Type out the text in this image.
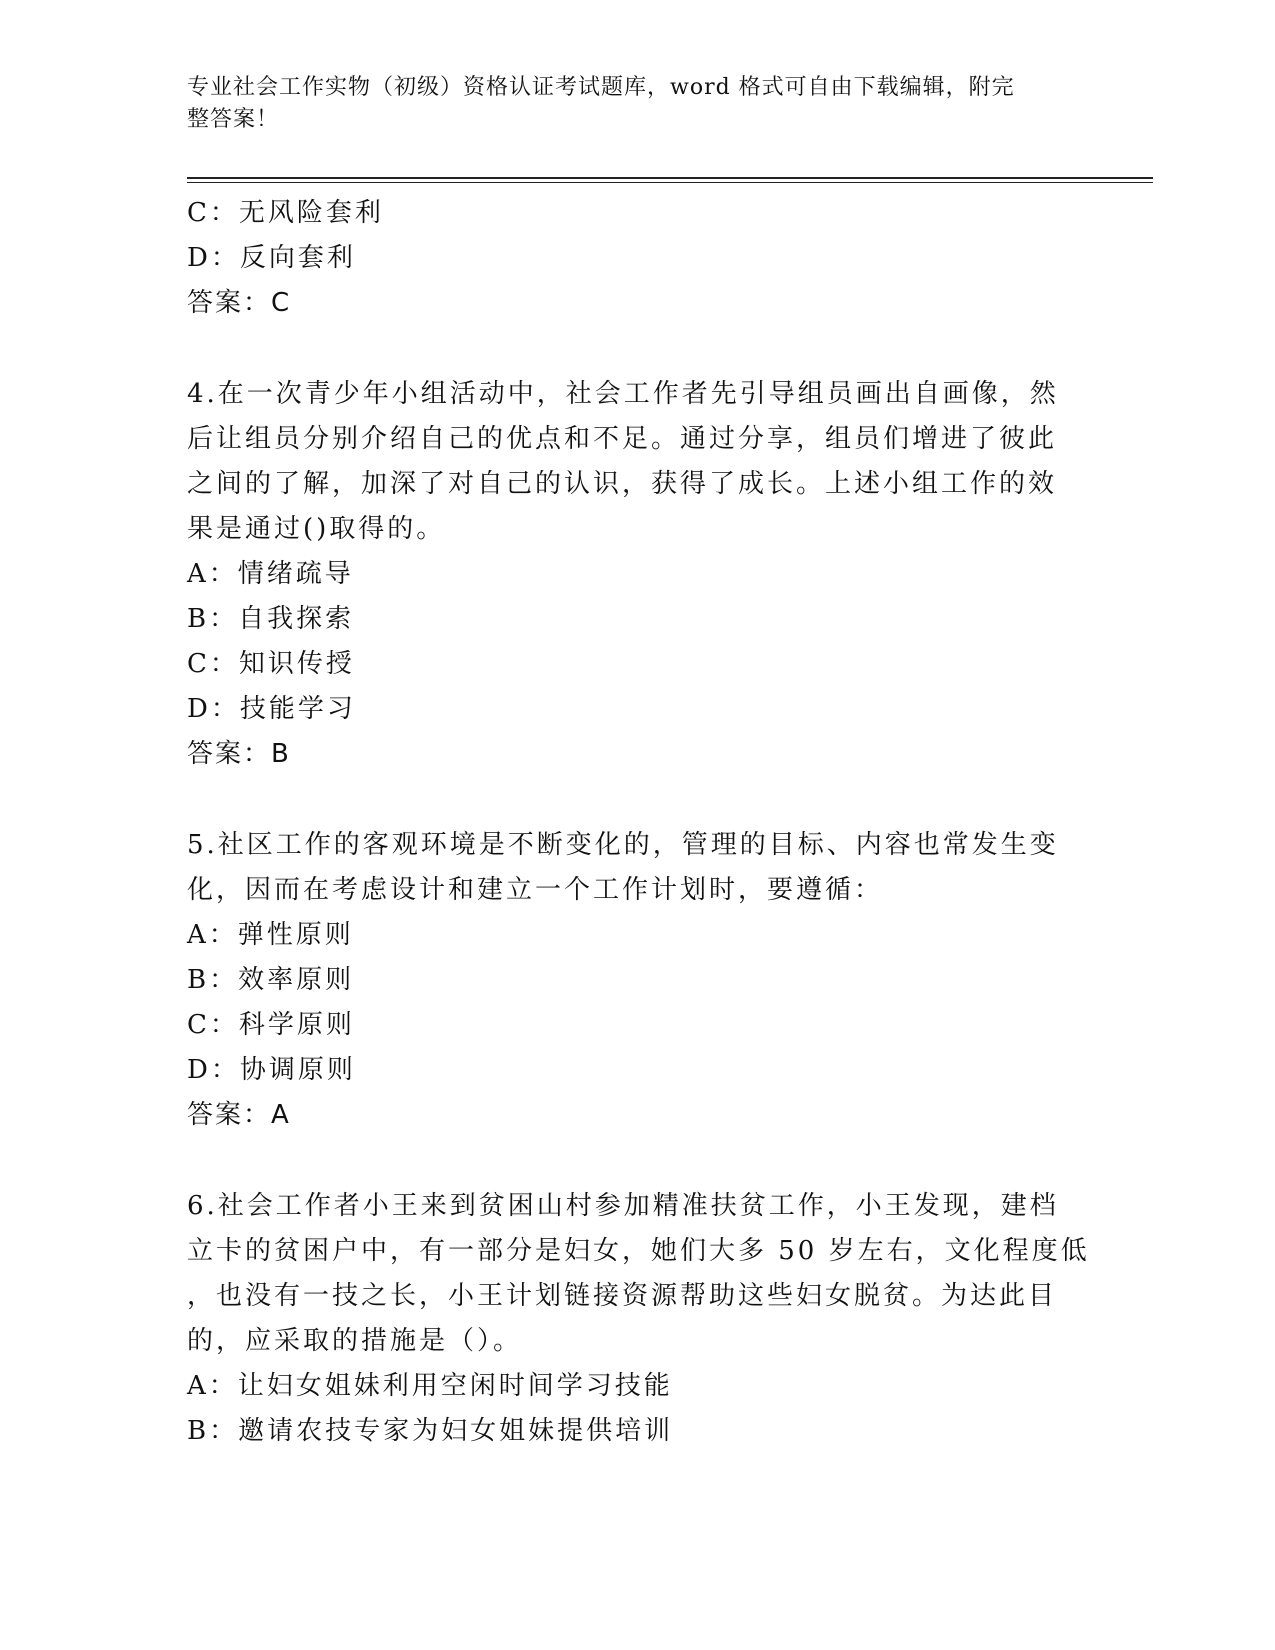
专业社会工作实物（初级）资格认证考试题库，word 格式可自由下载编辑，附完
整答案！
C：无风险套利
D：反向套利
答案：C
4.在一次青少年小组活动中，社会工作者先引导组员画出自画像，然
后让组员分别介绍自己的优点和不足。通过分享，组员们增进了彼此
之间的了解，加深了对自己的认识，获得了成长。上述小组工作的效
果是通过()取得的。
A：情绪疏导
B：自我探索
C：知识传授
D：技能学习
答案：B
5.社区工作的客观环境是不断变化的，管理的目标、内容也常发生变
化，因而在考虑设计和建立一个工作计划时，要遵循：
A：弹性原则
B：效率原则
C：科学原则
D：协调原则
答案：A
6.社会工作者小王来到贫困山村参加精准扶贫工作，小王发现，建档
立卡的贫困户中，有一部分是妇女，她们大多 50 岁左右，文化程度低
，也没有一技之长，小王计划链接资源帮助这些妇女脱贫。为达此目
的，应采取的措施是（）。
A：让妇女姐妹利用空闲时间学习技能
B：邀请农技专家为妇女姐妹提供培训
